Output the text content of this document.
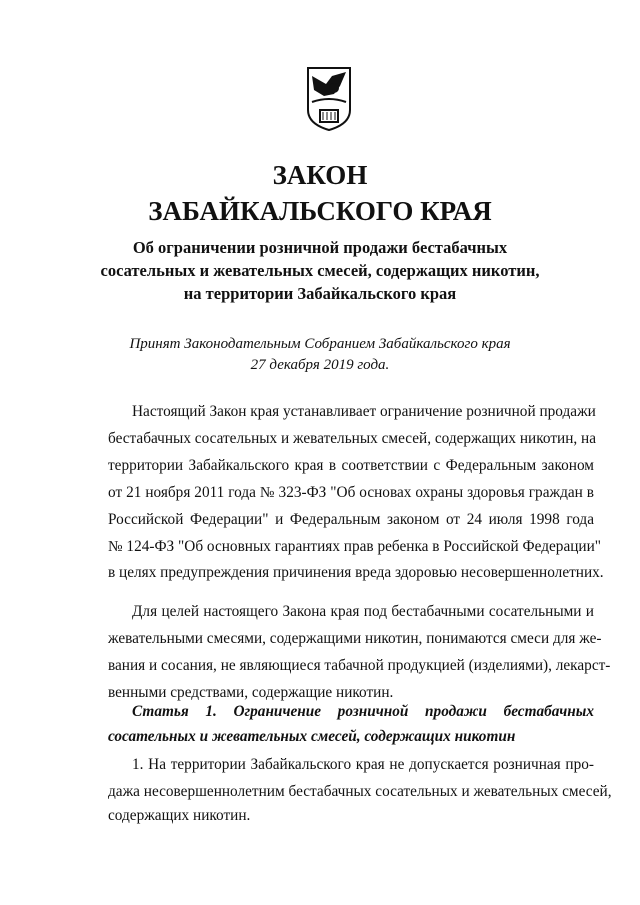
ЗАКОН
ЗАБАЙКАЛЬСКОГО КРАЯ
Об ограничении розничной продажи бестабачных
сосательных и жевательных смесей, содержащих никотин,
на территории Забайкальского края
Принят Законодательным Собранием Забайкальского края
27 декабря 2019 года.
Настоящий Закон края устанавливает ограничение розничной продажи
бестабачных сосательных и жевательных смесей, содержащих никотин, на
территории Забайкальского края в соответствии с Федеральным законом
от 21 ноября 2011 года № 323-ФЗ "Об основах охраны здоровья граждан в
Российской Федерации" и Федеральным законом от 24 июля 1998 года
№ 124-ФЗ "Об основных гарантиях прав ребенка в Российской Федерации"
в целях предупреждения причинения вреда здоровью несовершеннолетних.
Для целей настоящего Закона края под бестабачными сосательными и
жевательными смесями, содержащими никотин, понимаются смеси для же-
вания и сосания, не являющиеся табачной продукцией (изделиями), лекарст-
венными средствами, содержащие никотин.
Статья 1. Ограничение розничной продажи бестабачных
сосательных и жевательных смесей, содержащих никотин
1. На территории Забайкальского края не допускается розничная про-
дажа несовершеннолетним бестабачных сосательных и жевательных смесей,
содержащих никотин.
